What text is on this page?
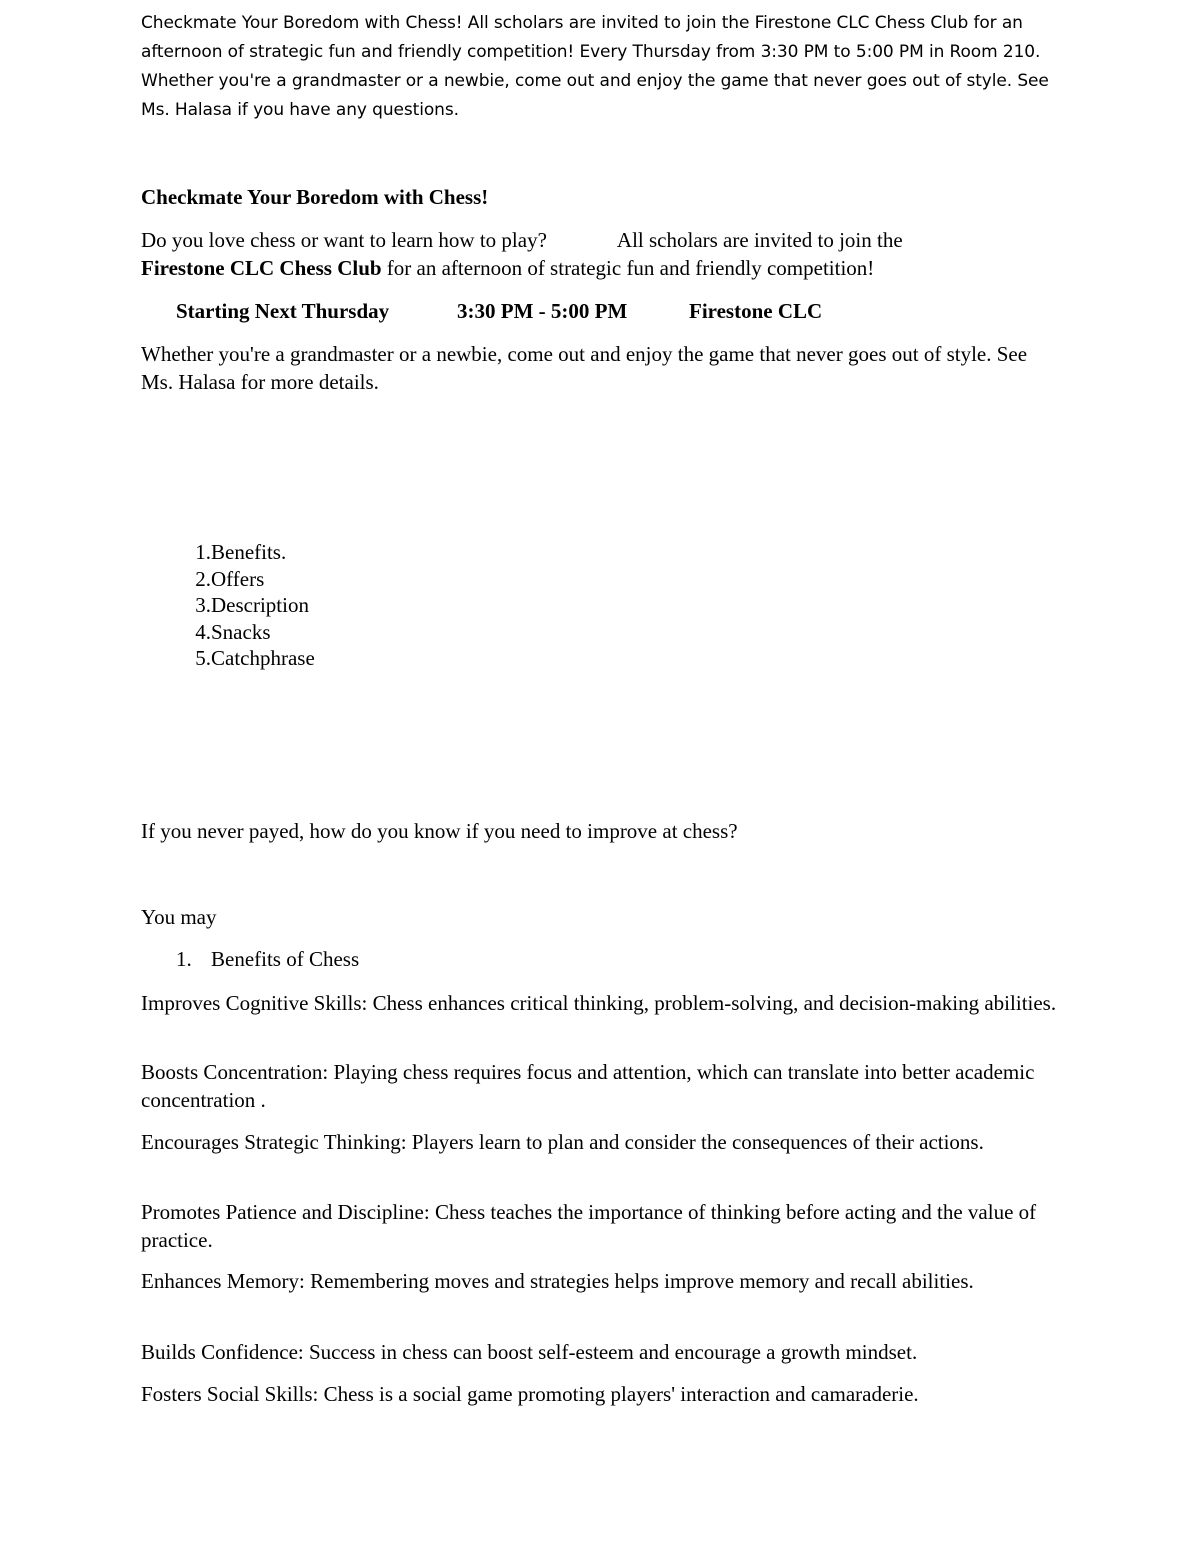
Checkmate Your Boredom with Chess! All scholars are invited to join the Firestone CLC Chess Club for an afternoon of strategic fun and friendly competition! Every Thursday from 3:30 PM to 5:00 PM in Room 210. Whether you're a grandmaster or a newbie, come out and enjoy the game that never goes out of style. See Ms. Halasa if you have any questions.

Checkmate Your Boredom with Chess!
Do you love chess or want to learn how to play?	All scholars are invited to join the
Firestone CLC Chess Club for an afternoon of strategic fun and friendly competition!
Starting Next Thursday	3:30 PM - 5:00 PM	Firestone CLC
Whether you're a grandmaster or a newbie, come out and enjoy the game that never goes out of style. See Ms. Halasa for more details.
1.Benefits.
2.Offers
3.Description
4.Snacks
5.Catchphrase
If you never payed, how do you know if you need to improve at chess?
You may
1. Benefits of Chess
Improves Cognitive Skills: Chess enhances critical thinking, problem-solving, and decision-making abilities.
Boosts Concentration: Playing chess requires focus and attention, which can translate into better academic concentration .
Encourages Strategic Thinking: Players learn to plan and consider the consequences of their actions.
Promotes Patience and Discipline: Chess teaches the importance of thinking before acting and the value of practice.
Enhances Memory: Remembering moves and strategies helps improve memory and recall abilities.
Builds Confidence: Success in chess can boost self-esteem and encourage a growth mindset.
Fosters Social Skills: Chess is a social game promoting players' interaction and camaraderie.
